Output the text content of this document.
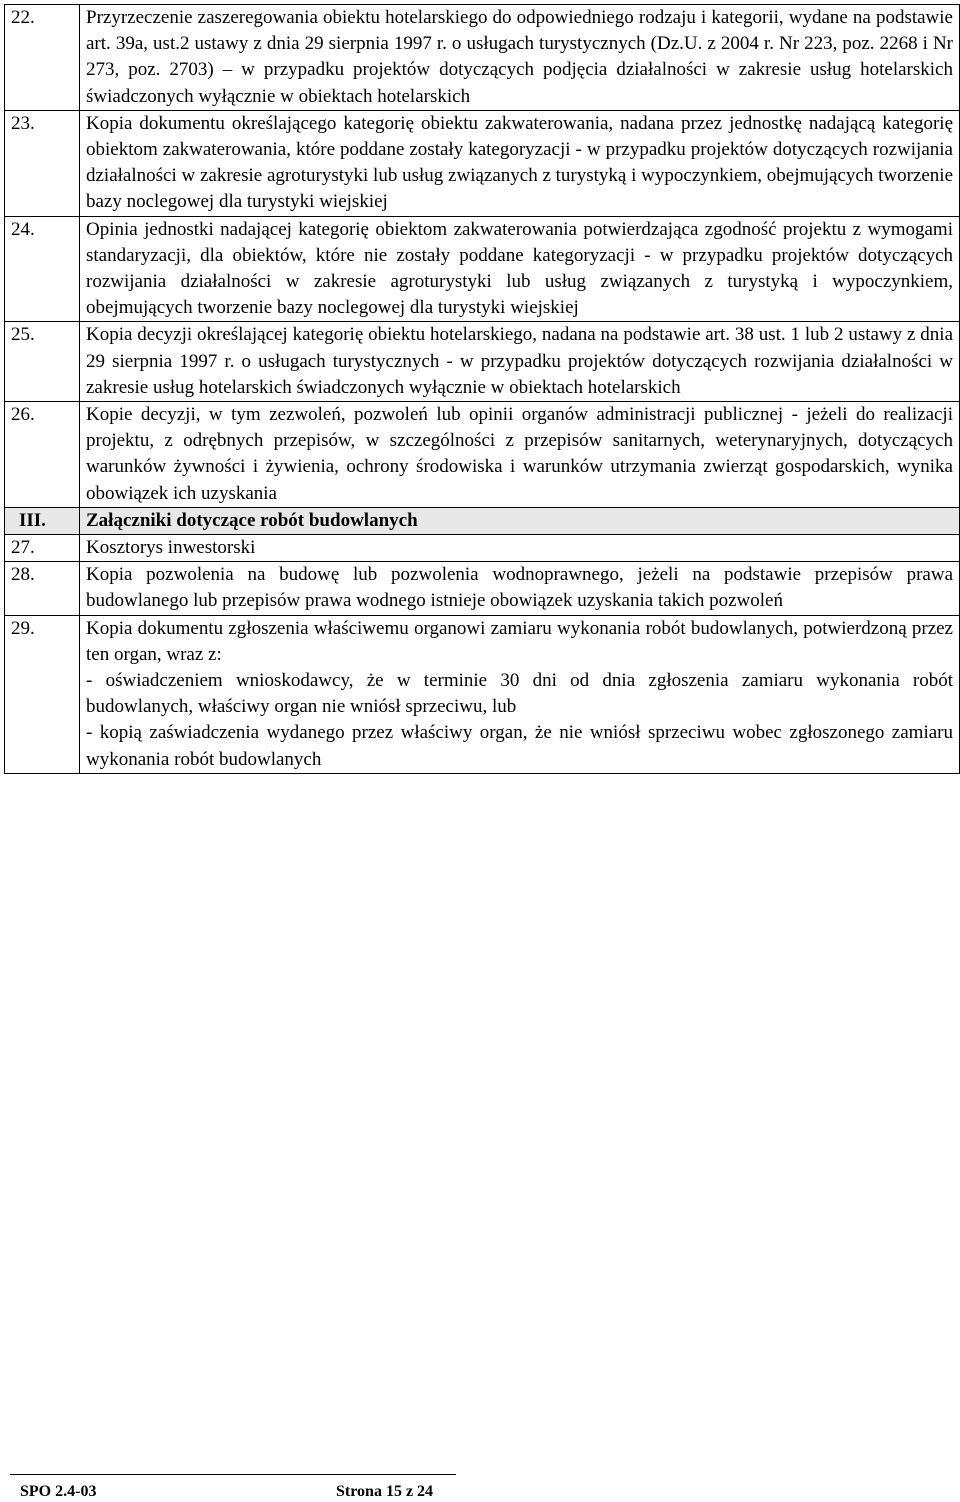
22.	Przyrzeczenie zaszeregowania obiektu hotelarskiego do odpowiedniego rodzaju i kategorii, wydane na podstawie art. 39a, ust.2 ustawy z dnia 29 sierpnia 1997 r. o usługach turystycznych (Dz.U. z 2004 r. Nr 223, poz. 2268 i Nr 273, poz. 2703) – w przypadku projektów dotyczących podjęcia działalności w zakresie usług hotelarskich świadczonych wyłącznie w obiektach hotelarskich
23.	Kopia dokumentu określającego kategorię obiektu zakwaterowania, nadana przez jednostkę nadającą kategorię obiektom zakwaterowania, które poddane zostały kategoryzacji - w przypadku projektów dotyczących rozwijania działalności w zakresie agroturystyki lub usług związanych z turystyką i wypoczynkiem, obejmujących tworzenie bazy noclegowej dla turystyki wiejskiej
24.	Opinia jednostki nadającej kategorię obiektom zakwaterowania potwierdzająca zgodność projektu z wymogami standaryzacji, dla obiektów, które nie zostały poddane kategoryzacji - w przypadku projektów dotyczących rozwijania działalności w zakresie agroturystyki lub usług związanych z turystyką i wypoczynkiem, obejmujących tworzenie bazy noclegowej dla turystyki wiejskiej
25.	Kopia decyzji określającej kategorię obiektu hotelarskiego, nadana na podstawie art. 38 ust. 1 lub 2 ustawy z dnia 29 sierpnia 1997 r. o usługach turystycznych - w przypadku projektów dotyczących rozwijania działalności w zakresie usług hotelarskich świadczonych wyłącznie w obiektach hotelarskich
26.	Kopie decyzji, w tym zezwoleń, pozwoleń lub opinii organów administracji publicznej - jeżeli do realizacji projektu, z odrębnych przepisów, w szczególności z przepisów sanitarnych, weterynaryjnych, dotyczących warunków żywności i żywienia, ochrony środowiska i warunków utrzymania zwierząt gospodarskich, wynika obowiązek ich uzyskania
III.	Załączniki dotyczące robót budowlanych
27.	Kosztorys inwestorski
28.	Kopia pozwolenia na budowę lub pozwolenia wodnoprawnego, jeżeli na podstawie przepisów prawa budowlanego lub przepisów prawa wodnego istnieje obowiązek uzyskania takich pozwoleń
29.	Kopia dokumentu zgłoszenia właściwemu organowi zamiaru wykonania robót budowlanych, potwierdzoną przez ten organ, wraz z:
- oświadczeniem wnioskodawcy, że w terminie 30 dni od dnia zgłoszenia zamiaru wykonania robót budowlanych, właściwy organ nie wniósł sprzeciwu, lub
- kopią zaświadczenia wydanego przez właściwy organ, że nie wniósł sprzeciwu wobec zgłoszonego zamiaru wykonania robót budowlanych
SPO 2.4-03	Strona 15 z 24
